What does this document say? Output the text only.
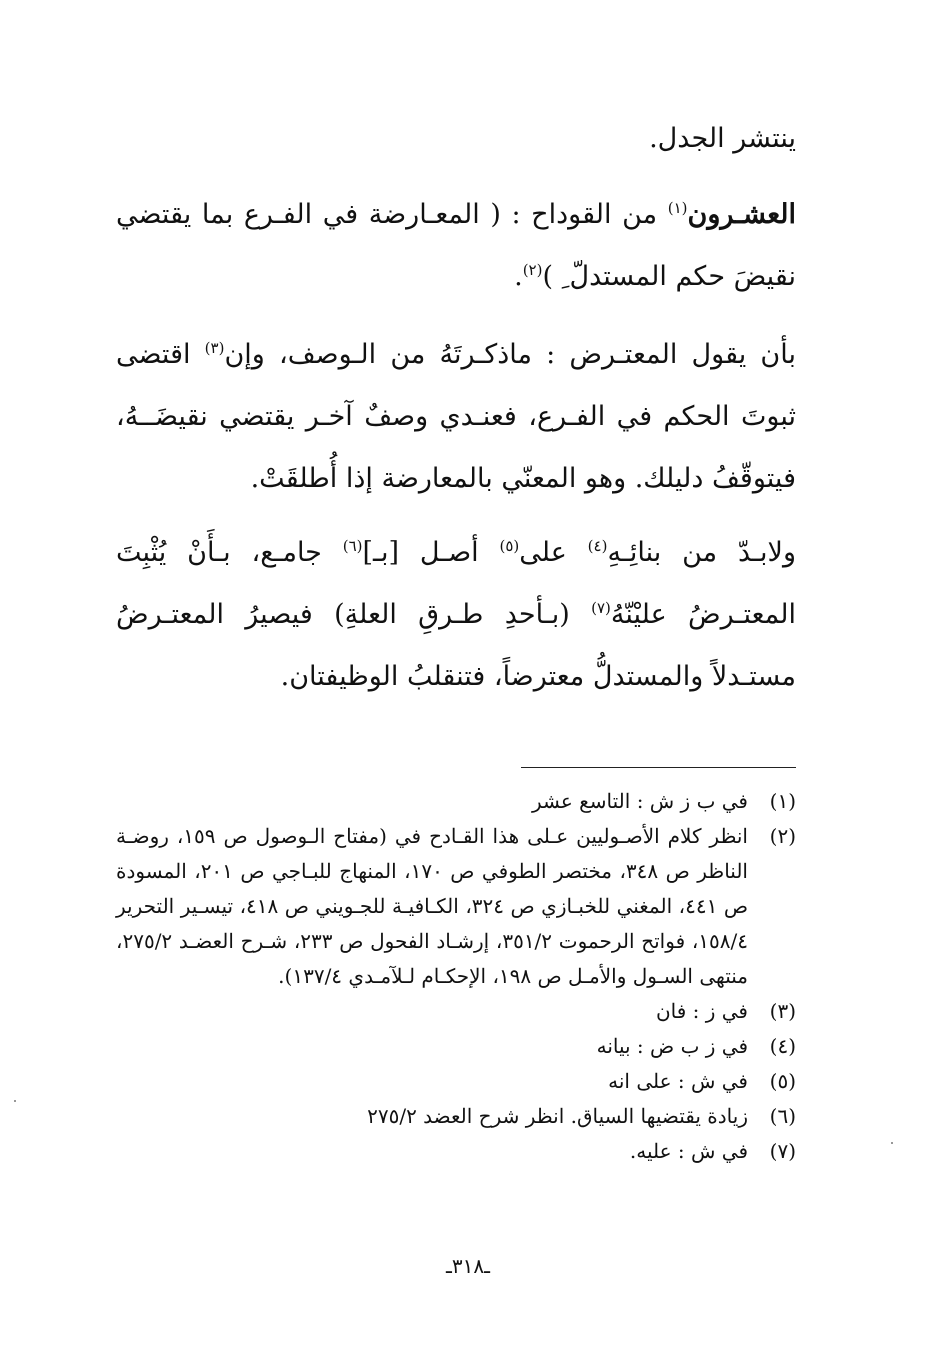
ينتشر الجدل.
العشـرون$^{(١)}$ من القوداح : ( المعـارضة في الفـرع بما يقتضي نقيضَ حكم المستدلّ ِ )$^{(٢)}$.
بأن يقول المعتـرض : ماذكـرتَهُ من الـوصف، وإن$^{(٣)}$ اقتضى ثبوتَ الحكم في الفـرع، فعنـدي وصفٌ آخـر يقتضي نقيضَــهُ، فيتوقّفُ دليلك. وهو المعنّي بالمعارضة إذا أُطلقَتْ.
ولابـدّ من بنائِـهِ$^{(٤)}$ على$^{(٥)}$ أصـل [بـ]$^{(٦)}$ جامـع، بـأَنْ يُثْبِتَ المعتـرضُ عليْنّهُ$^{(٧)}$ (بـأحدِ طـرقِ العلةِ) فيصيرُ المعتـرضُ مستـدلاً والمستدلُّ معترضاً، فتنقلبُ الوظيفتان.
(١)
في ب ز ش : التاسع عشر
(٢)
انظر كلام الأصـوليين عـلى هذا القـادح في (مفتاح الـوصول ص ١٥٩، روضـة الناظر ص ٣٤٨، مختصر الطوفي ص ١٧٠، المنهاج للبـاجي ص ٢٠١، المسودة ص ٤٤١، المغني للخبـازي ص ٣٢٤، الكـافيـة للجـويني ص ٤١٨، تيسـير التحرير ١٥٨/٤، فواتح الرحموت ٣٥١/٢، إرشـاد الفحول ص ٢٣٣، شـرح العضـد ٢٧٥/٢، منتهى السـول والأمـل ص ١٩٨، الإحكـام لـلآمـدي ١٣٧/٤).
(٣)
في ز : فان
(٤)
في ز ب ض : بيانه
(٥)
في ش : على انه
(٦)
زيادة يقتضيها السياق. انظر شرح العضد ٢٧٥/٢
(٧)
في ش : عليه.
ـ٣١٨ـ
